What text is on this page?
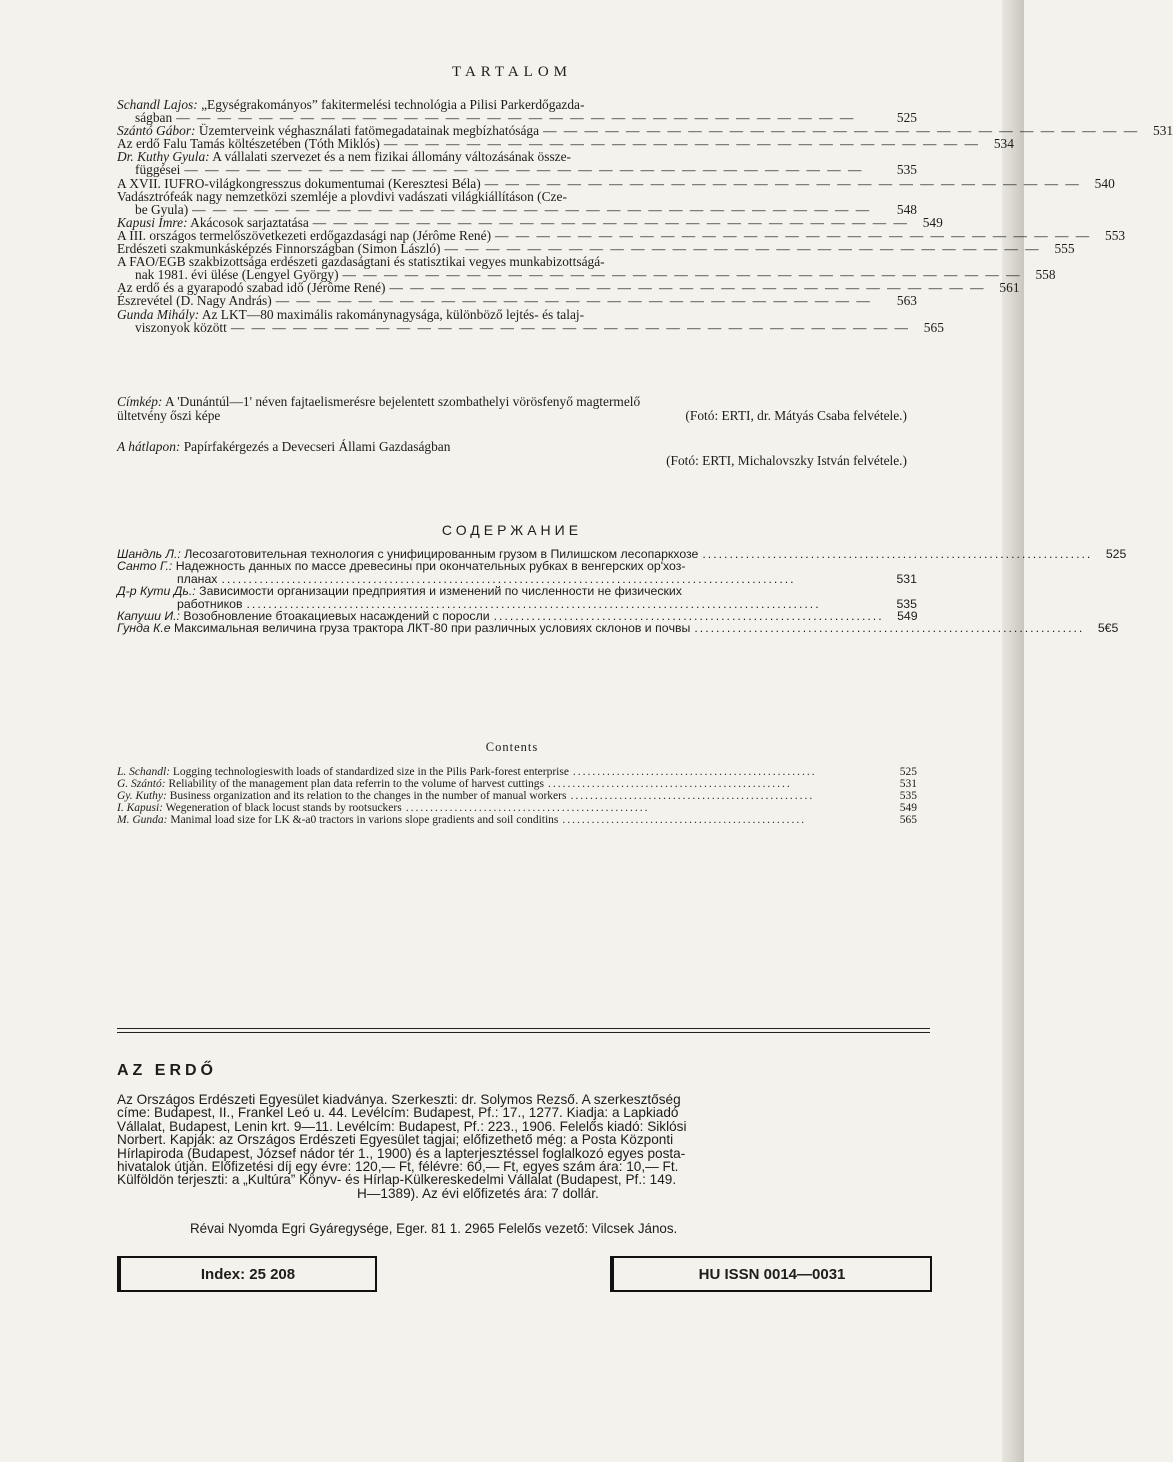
TARTALOM
Schandl Lajos: „Egységrakományos” fakitermelési technológia a Pilisi Parkerdőgazda-
ságban — — — — — — — — — — — — — — — — — — — — — — — — — — — — — — — — —	525
Szántó Gábor: Üzemterveink véghasználati fatömegadatainak megbízhatósága — — — — — — — — — — — — — — — — — — — — — — — — — — — — —	531
Az erdő Falu Tamás költészetében (Tóth Miklós) — — — — — — — — — — — — — — — — — — — — — — — — — — — — —	534
Dr. Kuthy Gyula: A vállalati szervezet és a nem fizikai állomány változásának össze-
függései — — — — — — — — — — — — — — — — — — — — — — — — — — — — — — — — —	535
A XVII. IUFRO-világkongresszus dokumentumai (Keresztesi Béla) — — — — — — — — — — — — — — — — — — — — — — — — — — — — —	540
Vadásztrófeák nagy nemzetközi szemléje a plovdivi vadászati világkiállításon (Cze-
be Gyula) — — — — — — — — — — — — — — — — — — — — — — — — — — — — — — — — —	548
Kapusi Imre: Akácosok sarjaztatása — — — — — — — — — — — — — — — — — — — — — — — — — — — — —	549
A III. országos termelőszövetkezeti erdőgazdasági nap (Jérôme René) — — — — — — — — — — — — — — — — — — — — — — — — — — — — —	553
Erdészeti szakmunkásképzés Finnországban (Simon László) — — — — — — — — — — — — — — — — — — — — — — — — — — — — —	555
A FAO/EGB szakbizottsága erdészeti gazdaságtani és statisztikai vegyes munkabizottságá-
nak 1981. évi ülése (Lengyel György) — — — — — — — — — — — — — — — — — — — — — — — — — — — — — — — — —	558
Az erdő és a gyarapodó szabad idő (Jérôme René) — — — — — — — — — — — — — — — — — — — — — — — — — — — — —	561
Észrevétel (D. Nagy András) — — — — — — — — — — — — — — — — — — — — — — — — — — — — —	563
Gunda Mihály: Az LKT—80 maximális rakománynagysága, különböző lejtés- és talaj-
viszonyok között — — — — — — — — — — — — — — — — — — — — — — — — — — — — — — — — —	565
Címkép: A 'Dunántúl—1' néven fajtaelismerésre bejelentett szombathelyi vörösfenyő magtermelő
ültetvény őszi képe	(Fotó: ERTI, dr. Mátyás Csaba felvétele.)
A hátlapon: Papírfakérgezés a Devecseri Állami Gazdaságban
(Fotó: ERTI, Michalovszky István felvétele.)
СОДЕРЖАНИЕ
Шандль Л.: Лесозаготовительная технология с унифицированным грузом в Пилишском лесопаркхозе ........................................................................	525
Санто Г.: Надежность данных по массе древесины при окончательных рубках в венгерских ор'хоз-
планах ..........................................................................................................	531
Д-р Кути Дь.: Зависимости организации предприятия и изменений по численности не физичеcких
работников ..........................................................................................................	535
Капуши И.: Возобновление бтоакациевых насаждений с поросли ........................................................................	549
Гунда К.е Максимальная величина груза трактора ЛКТ-80 при различных условиях склонов и пoчвы ........................................................................	5€5
Contents
L. Schandl: Logging technologieswith loads of standardized size in the Pilis Park-forest enterprise ..................................................	525
G. Szántó: Reliability of the management plan data referrin to the volume of harvest cuttings ..................................................	531
Gy. Kuthy: Business organization and its relation to the changes in the number of manual workers ..................................................	535
I. Kapusi: Wegeneration of black locust stands by rootsuckers ..................................................	549
M. Gunda: Manimal load size for LK &-a0 tractors in varions slope gradients and soil conditins ..................................................	565
AZ ERDŐ
Az Országos Erdészeti Egyesület kiadványa. Szerkeszti: dr. Solymos Rezső. A szerkesztőség
címe: Budapest, II., Frankel Leó u. 44. Levélcím: Budapest, Pf.: 17., 1277. Kiadja: a Lapkiadó
Vállalat, Budapest, Lenin krt. 9—11. Levélcím: Budapest, Pf.: 223., 1906. Felelős kiadó: Siklósi
Norbert. Kapják: az Országos Erdészeti Egyesület tagjai; előfizethető még: a Posta Központi
Hírlapiroda (Budapest, József nádor tér 1., 1900) és a lapterjesztéssel foglalkozó egyes posta-
hivatalok útján. Előfizetési díj egy évre: 120,— Ft, félévre: 60,— Ft, egyes szám ára: 10,— Ft.
Külföldön terjeszti: a „Kultúra” Könyv- és Hírlap-Külkereskedelmi Vállalat (Budapest, Pf.: 149.
H—1389). Az évi előfizetés ára: 7 dollár.
Révai Nyomda Egri Gyáregysége, Eger. 81 1. 2965 Felelős vezető: Vilcsek János.
Index: 25 208	HU ISSN 0014—0031
